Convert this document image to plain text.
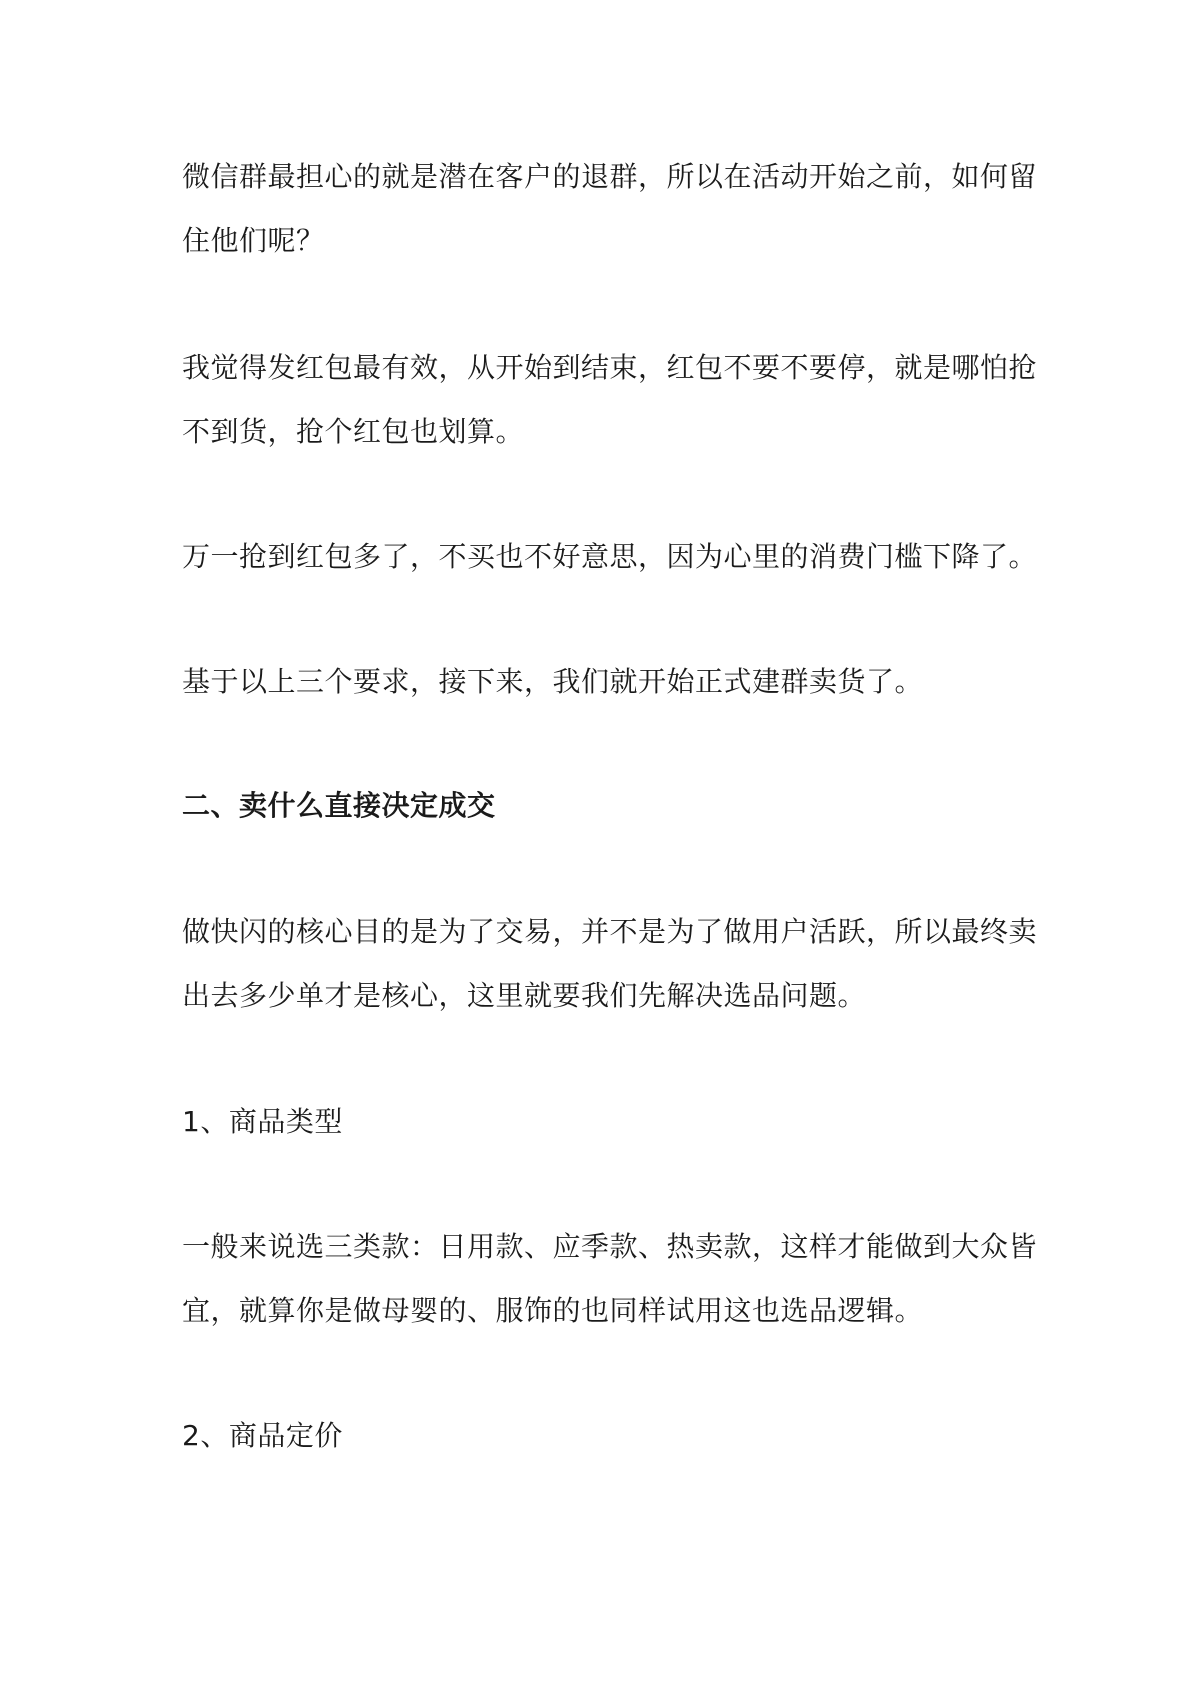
微信群最担心的就是潜在客户的退群，所以在活动开始之前，如何留
住他们呢？
我觉得发红包最有效，从开始到结束，红包不要不要停，就是哪怕抢
不到货，抢个红包也划算。
万一抢到红包多了，不买也不好意思，因为心里的消费门槛下降了。
基于以上三个要求，接下来，我们就开始正式建群卖货了。
二、卖什么直接决定成交
做快闪的核心目的是为了交易，并不是为了做用户活跃，所以最终卖
出去多少单才是核心，这里就要我们先解决选品问题。
1、商品类型
一般来说选三类款：日用款、应季款、热卖款，这样才能做到大众皆
宜，就算你是做母婴的、服饰的也同样试用这也选品逻辑。
2、商品定价
